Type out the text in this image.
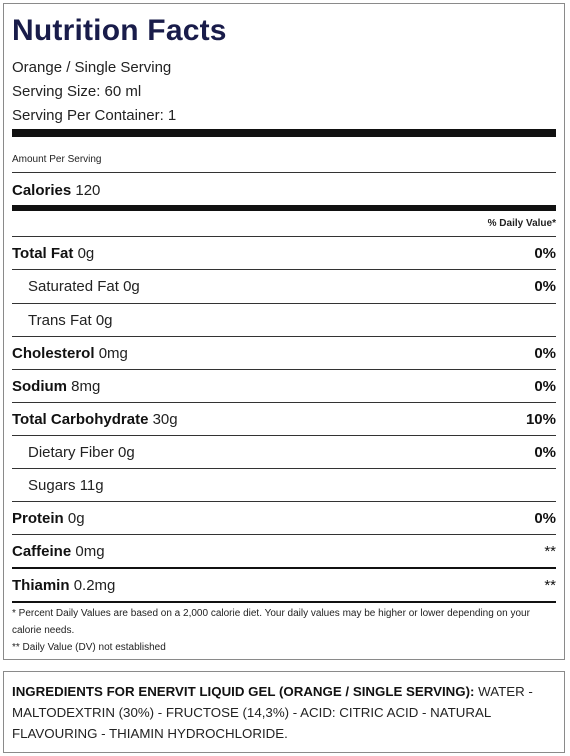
Nutrition Facts
Orange / Single Serving
Serving Size: 60 ml
Serving Per Container: 1
Amount Per Serving
Calories 120
% Daily Value*
Total Fat 0g	0%
Saturated Fat 0g	0%
Trans Fat 0g
Cholesterol 0mg	0%
Sodium 8mg	0%
Total Carbohydrate 30g	10%
Dietary Fiber 0g	0%
Sugars 11g
Protein 0g	0%
Caffeine 0mg	**
Thiamin 0.2mg	**
* Percent Daily Values are based on a 2,000 calorie diet. Your daily values may be higher or lower depending on your calorie needs.
** Daily Value (DV) not established
INGREDIENTS FOR ENERVIT LIQUID GEL (ORANGE / SINGLE SERVING): WATER - MALTODEXTRIN (30%) - FRUCTOSE (14,3%) - ACID: CITRIC ACID - NATURAL FLAVOURING - THIAMIN HYDROCHLORIDE.
